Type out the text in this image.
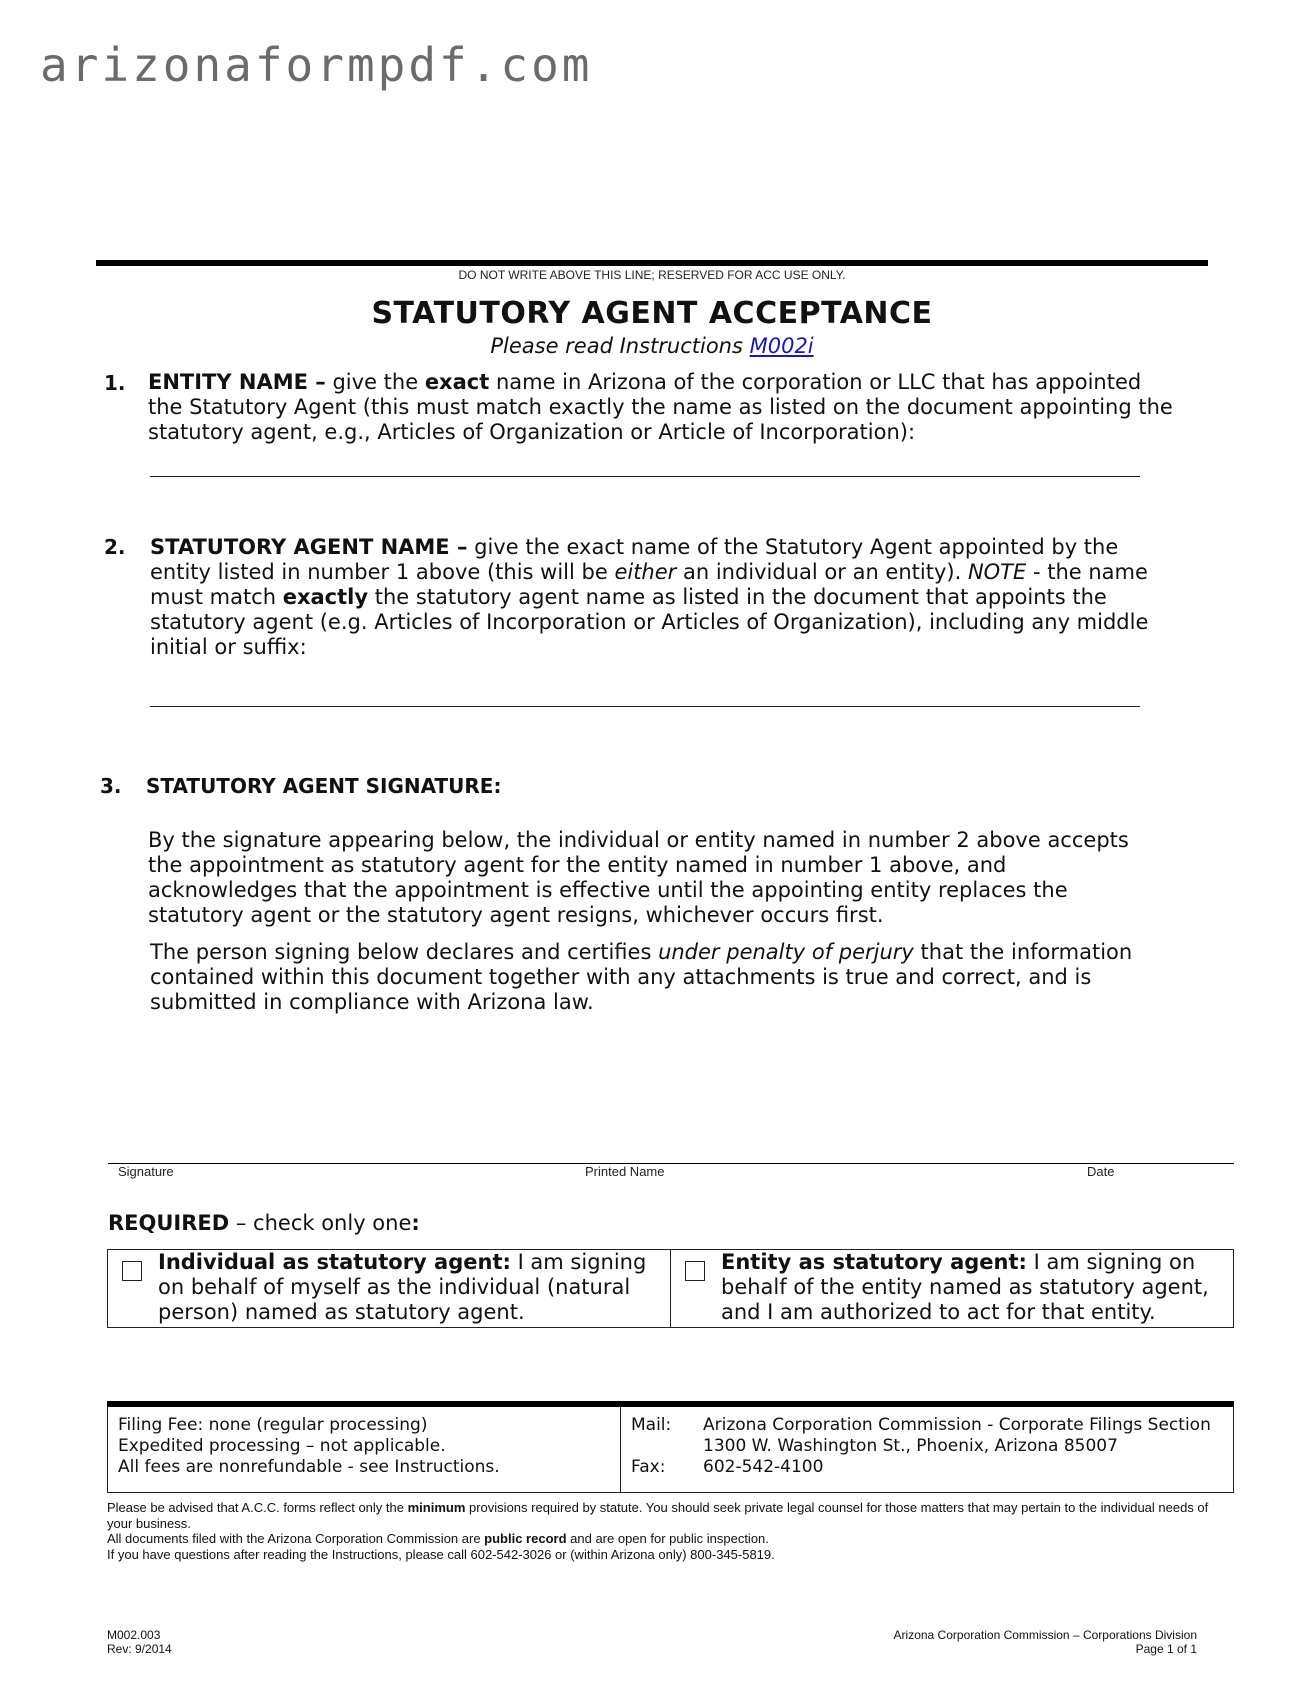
arizonaformpdf.com
DO NOT WRITE ABOVE THIS LINE; RESERVED FOR ACC USE ONLY.
STATUTORY AGENT ACCEPTANCE
Please read Instructions M002i
1. ENTITY NAME – give the exact name in Arizona of the corporation or LLC that has appointed the Statutory Agent (this must match exactly the name as listed on the document appointing the statutory agent, e.g., Articles of Organization or Article of Incorporation):
2. STATUTORY AGENT NAME – give the exact name of the Statutory Agent appointed by the entity listed in number 1 above (this will be either an individual or an entity). NOTE - the name must match exactly the statutory agent name as listed in the document that appoints the statutory agent (e.g. Articles of Incorporation or Articles of Organization), including any middle initial or suffix:
3. STATUTORY AGENT SIGNATURE:
By the signature appearing below, the individual or entity named in number 2 above accepts the appointment as statutory agent for the entity named in number 1 above, and acknowledges that the appointment is effective until the appointing entity replaces the statutory agent or the statutory agent resigns, whichever occurs first.
The person signing below declares and certifies under penalty of perjury that the information contained within this document together with any attachments is true and correct, and is submitted in compliance with Arizona law.
Signature	Printed Name	Date
REQUIRED – check only one:
Individual as statutory agent: I am signing on behalf of myself as the individual (natural person) named as statutory agent.
Entity as statutory agent: I am signing on behalf of the entity named as statutory agent, and I am authorized to act for that entity.
Filing Fee: none (regular processing)
Expedited processing – not applicable.
All fees are nonrefundable - see Instructions.
Mail: Arizona Corporation Commission - Corporate Filings Section
1300 W. Washington St., Phoenix, Arizona 85007
Fax: 602-542-4100
Please be advised that A.C.C. forms reflect only the minimum provisions required by statute. You should seek private legal counsel for those matters that may pertain to the individual needs of your business.
All documents filed with the Arizona Corporation Commission are public record and are open for public inspection.
If you have questions after reading the Instructions, please call 602-542-3026 or (within Arizona only) 800-345-5819.
M002.003
Rev: 9/2014
Arizona Corporation Commission – Corporations Division
Page 1 of 1
